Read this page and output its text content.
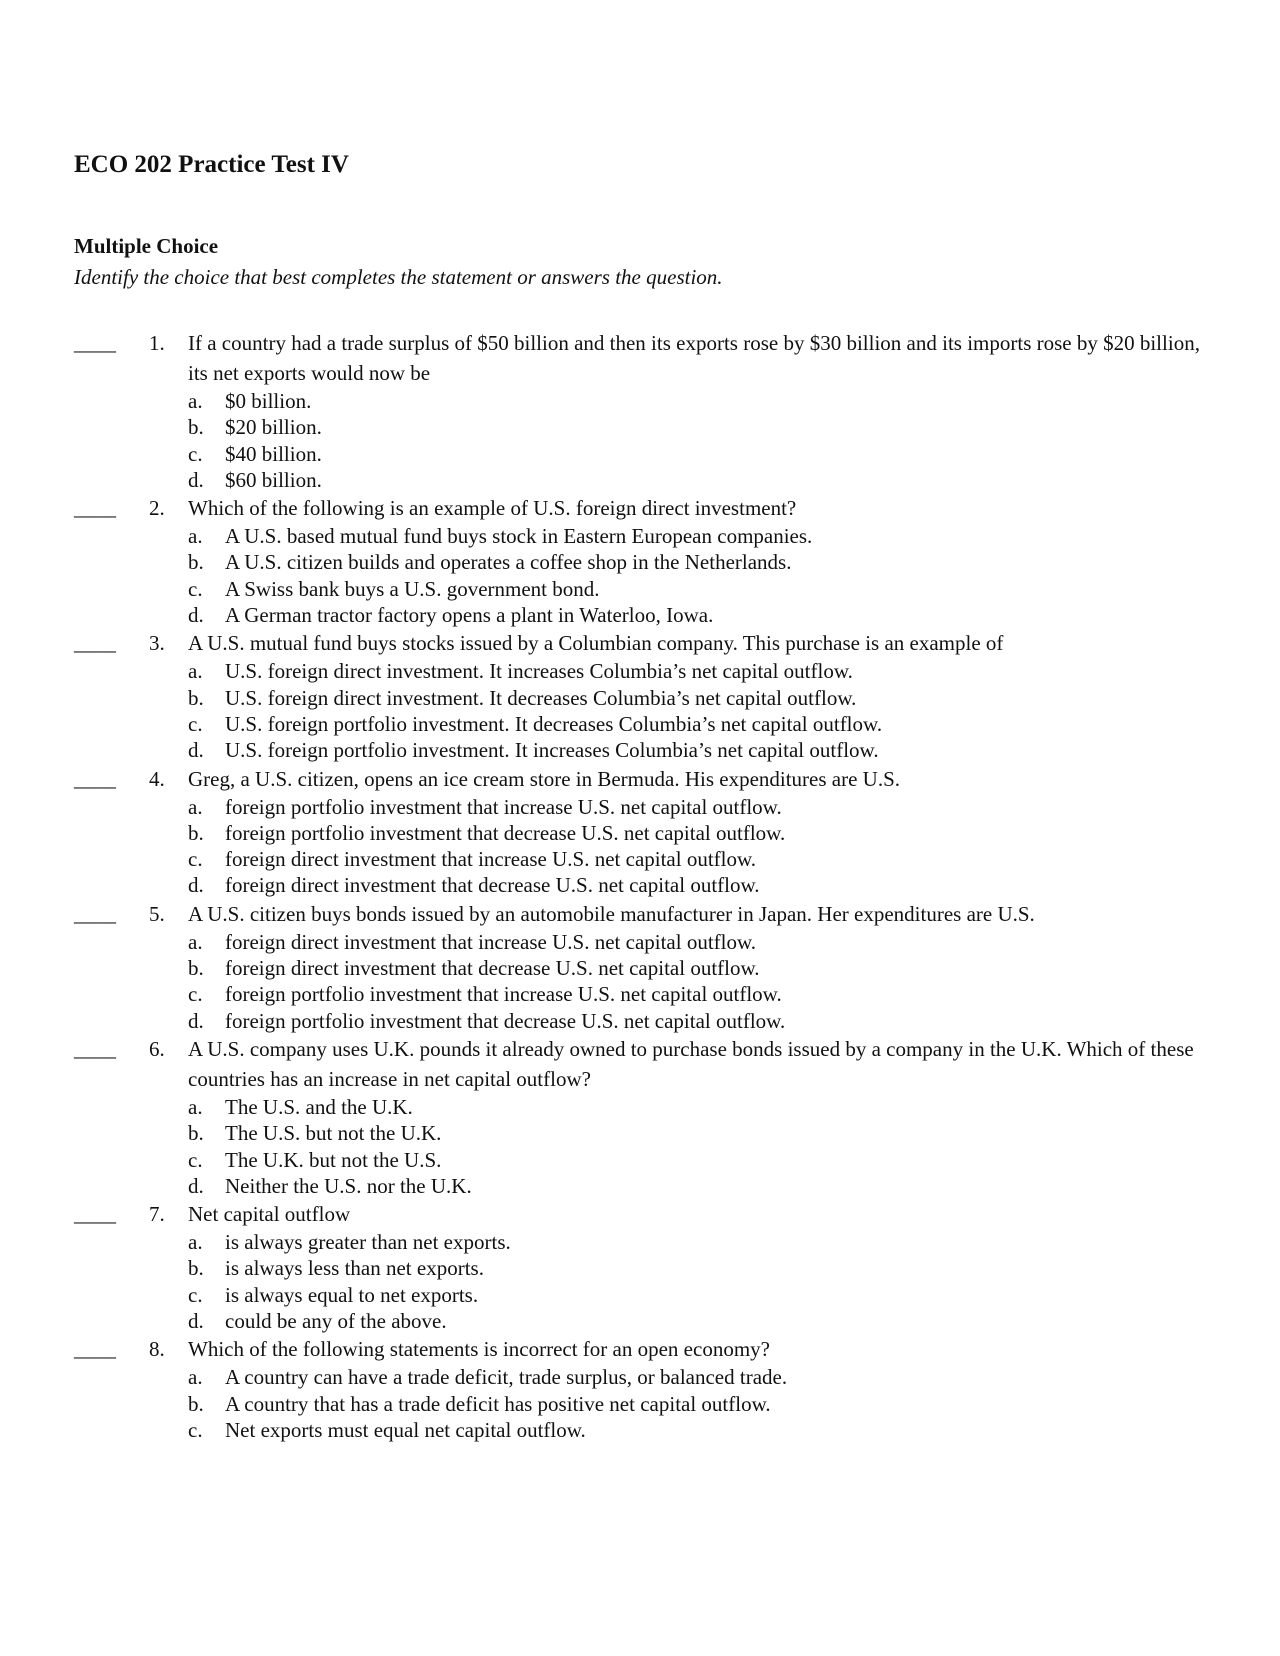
ECO 202 Practice Test IV
Multiple Choice

Identify the choice that best completes the statement or answers the question.

____ 1.	If a country had a trade surplus of $50 billion and then its exports rose by $30 billion and its imports rose by $20 billion, its net exports would now be
a. $0 billion.
b. $20 billion.
c. $40 billion.
d. $60 billion.
____ 2.	Which of the following is an example of U.S. foreign direct investment?
a. A U.S. based mutual fund buys stock in Eastern European companies.
b. A U.S. citizen builds and operates a coffee shop in the Netherlands.
c. A Swiss bank buys a U.S. government bond.
d. A German tractor factory opens a plant in Waterloo, Iowa.
____ 3.	A U.S. mutual fund buys stocks issued by a Columbian company. This purchase is an example of
a. U.S. foreign direct investment. It increases Columbia’s net capital outflow.
b. U.S. foreign direct investment. It decreases Columbia’s net capital outflow.
c. U.S. foreign portfolio investment. It decreases Columbia’s net capital outflow.
d. U.S. foreign portfolio investment. It increases Columbia’s net capital outflow.
____ 4.	Greg, a U.S. citizen, opens an ice cream store in Bermuda. His expenditures are U.S.
a. foreign portfolio investment that increase U.S. net capital outflow.
b. foreign portfolio investment that decrease U.S. net capital outflow.
c. foreign direct investment that increase U.S. net capital outflow.
d. foreign direct investment that decrease U.S. net capital outflow.
____ 5.	A U.S. citizen buys bonds issued by an automobile manufacturer in Japan. Her expenditures are U.S.
a. foreign direct investment that increase U.S. net capital outflow.
b. foreign direct investment that decrease U.S. net capital outflow.
c. foreign portfolio investment that increase U.S. net capital outflow.
d. foreign portfolio investment that decrease U.S. net capital outflow.
____ 6.	A U.S. company uses U.K. pounds it already owned to purchase bonds issued by a company in the U.K. Which of these countries has an increase in net capital outflow?
a. The U.S. and the U.K.
b. The U.S. but not the U.K.
c. The U.K. but not the U.S.
d. Neither the U.S. nor the U.K.
____ 7.	Net capital outflow
a. is always greater than net exports.
b. is always less than net exports.
c. is always equal to net exports.
d. could be any of the above.
____ 8.	Which of the following statements is incorrect for an open economy?
a. A country can have a trade deficit, trade surplus, or balanced trade.
b. A country that has a trade deficit has positive net capital outflow.
c. Net exports must equal net capital outflow.
